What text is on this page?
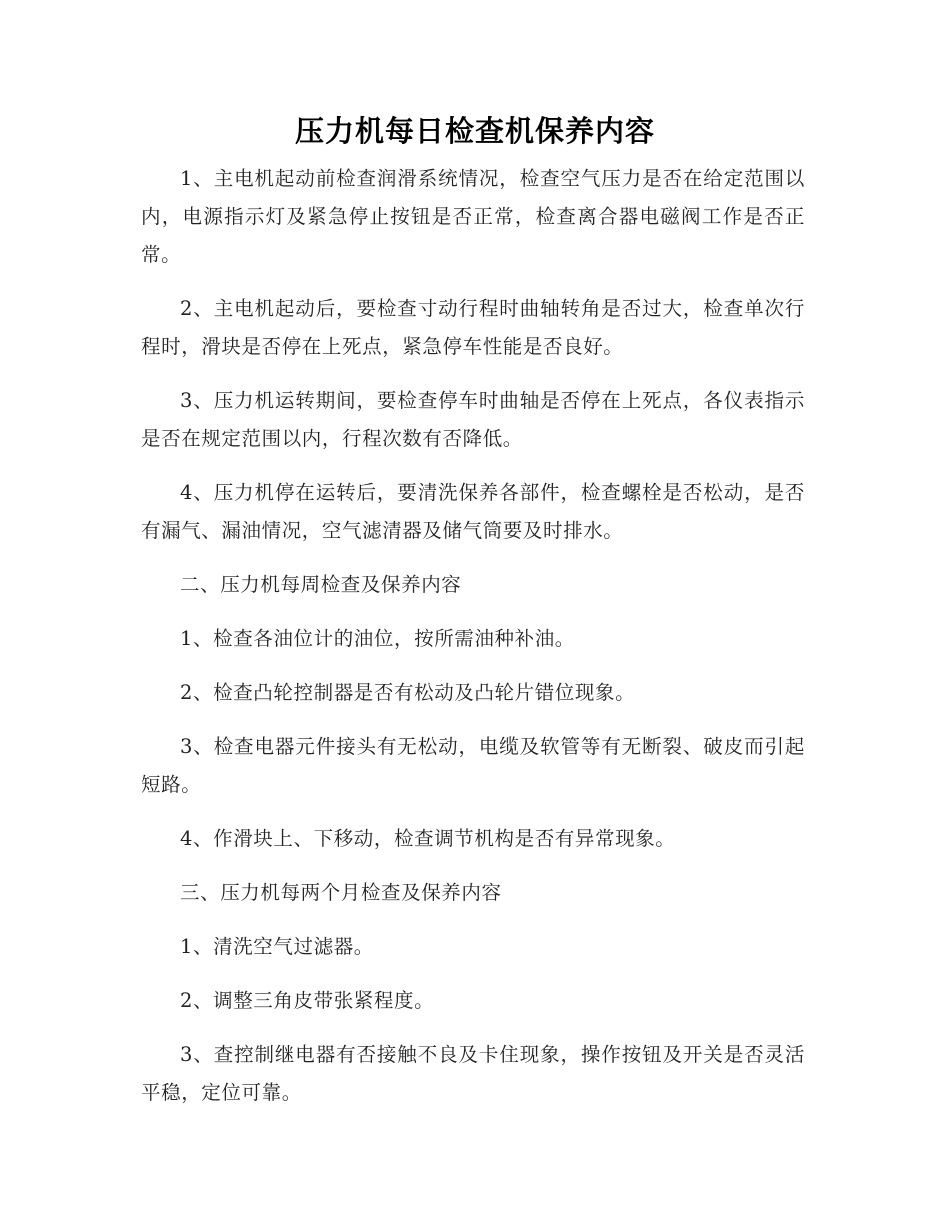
压力机每日检查机保养内容

1、主电机起动前检查润滑系统情况，检查空气压力是否在给定范围以内，电源指示灯及紧急停止按钮是否正常，检查离合器电磁阀工作是否正常。

2、主电机起动后，要检查寸动行程时曲轴转角是否过大，检查单次行程时，滑块是否停在上死点，紧急停车性能是否良好。

3、压力机运转期间，要检查停车时曲轴是否停在上死点，各仪表指示是否在规定范围以内，行程次数有否降低。

4、压力机停在运转后，要清洗保养各部件，检查螺栓是否松动，是否有漏气、漏油情况，空气滤清器及储气筒要及时排水。

二、压力机每周检查及保养内容

1、检查各油位计的油位，按所需油种补油。

2、检查凸轮控制器是否有松动及凸轮片错位现象。

3、检查电器元件接头有无松动，电缆及软管等有无断裂、破皮而引起短路。

4、作滑块上、下移动，检查调节机构是否有异常现象。

三、压力机每两个月检查及保养内容

1、清洗空气过滤器。

2、调整三角皮带张紧程度。

3、查控制继电器有否接触不良及卡住现象，操作按钮及开关是否灵活平稳，定位可靠。
